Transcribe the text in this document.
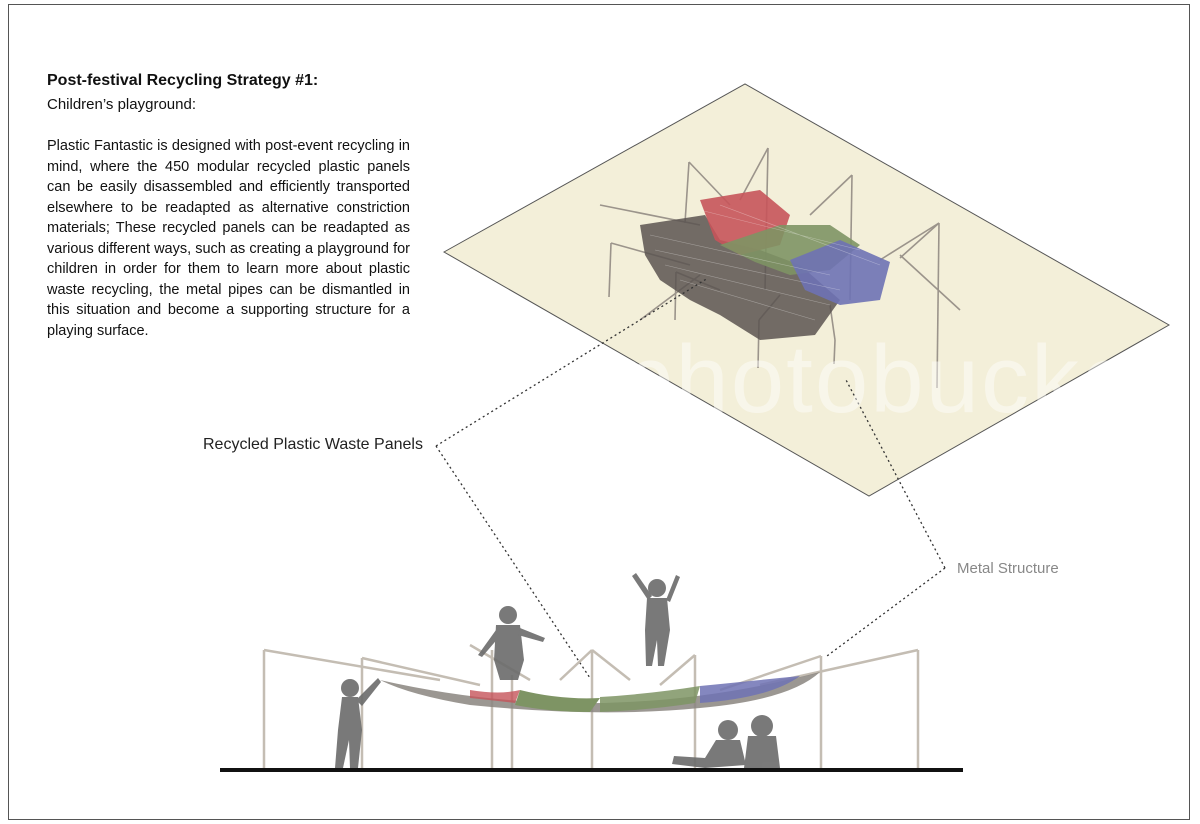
photobucket
Post-festival Recycling Strategy #1:
Children’s playground:

Plastic Fantastic is designed with post-event recycling in mind, where the 450 modular recycled plastic panels can be easily disassembled and efficiently transported elsewhere to be readapted as alternative constriction materials; These recycled panels can be readapted as various different ways, such as creating a playground for children in order for them to learn more about plastic waste recycling, the metal pipes can be dismantled in this situation and become a supporting structure for a playing surface.

Recycled Plastic Waste Panels
Metal Structure
